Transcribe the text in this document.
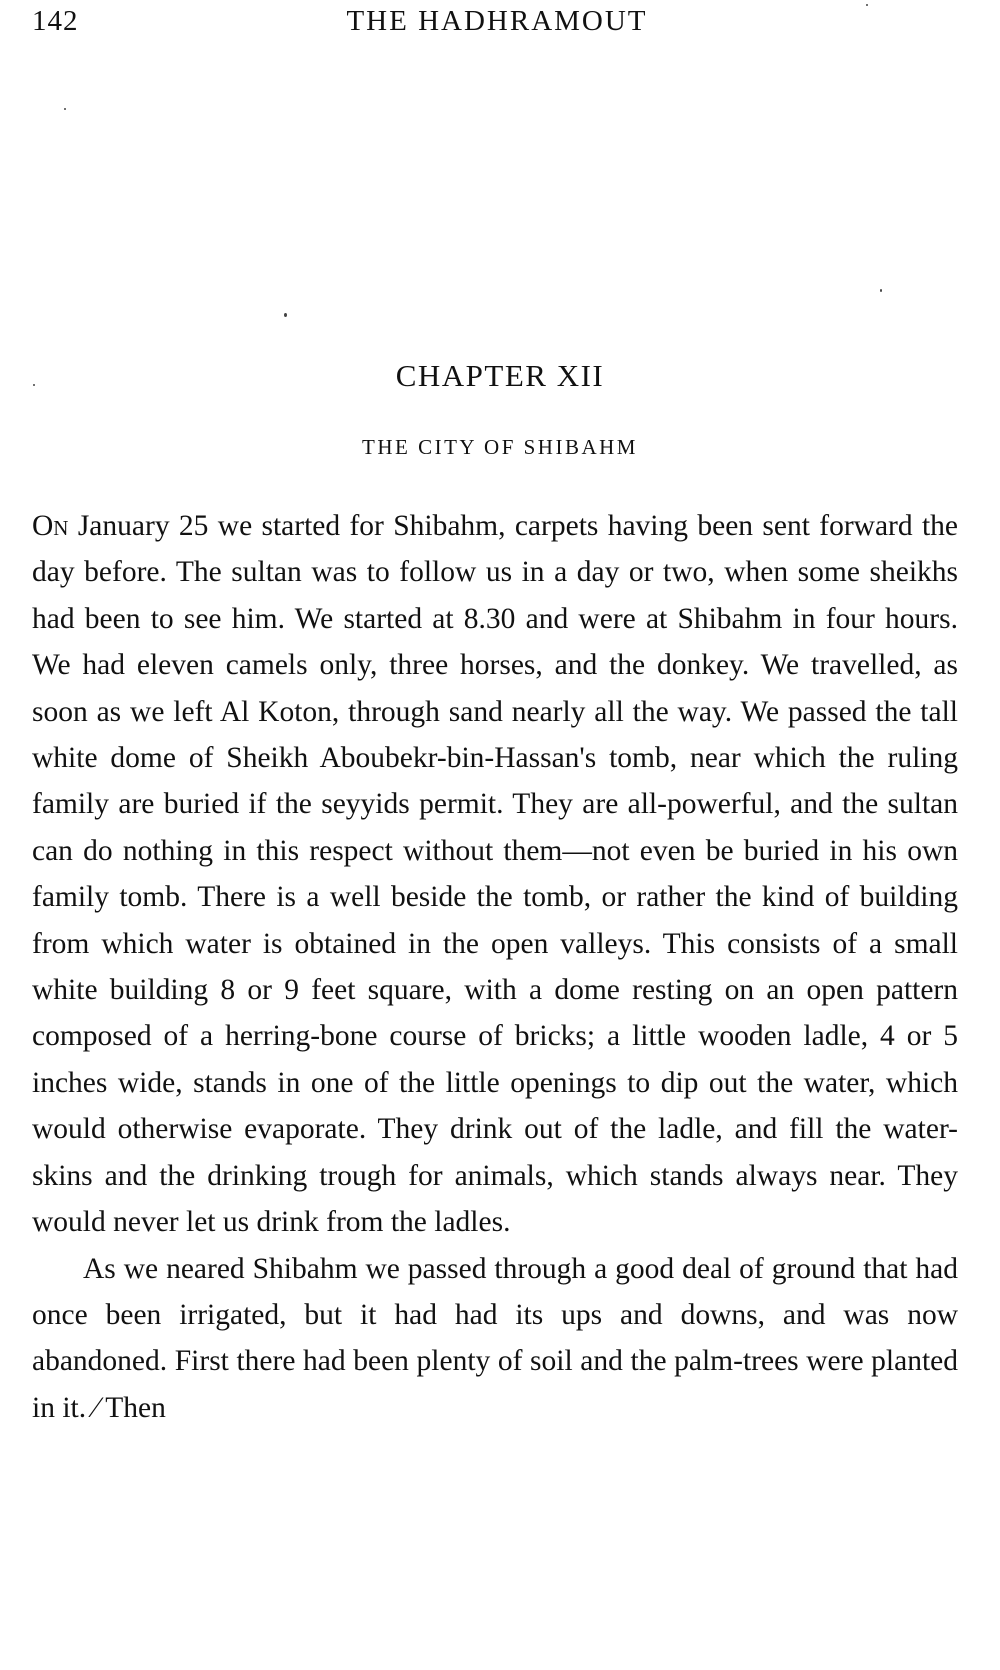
142	THE HADHRAMOUT
CHAPTER XII
THE CITY OF SHIBAHM

On January 25 we started for Shibahm, carpets having been sent forward the day before. The sultan was to follow us in a day or two, when some sheikhs had been to see him. We started at 8.30 and were at Shibahm in four hours. We had eleven camels only, three horses, and the donkey. We travelled, as soon as we left Al Koton, through sand nearly all the way. We passed the tall white dome of Sheikh Aboubekr-bin-Hassan's tomb, near which the ruling family are buried if the seyyids permit. They are all-powerful, and the sultan can do nothing in this respect without them—not even be buried in his own family tomb. There is a well beside the tomb, or rather the kind of building from which water is obtained in the open valleys. This consists of a small white building 8 or 9 feet square, with a dome resting on an open pattern composed of a herring-bone course of bricks; a little wooden ladle, 4 or 5 inches wide, stands in one of the little openings to dip out the water, which would otherwise evaporate. They drink out of the ladle, and fill the water-skins and the drinking trough for animals, which stands always near. They would never let us drink from the ladles.

As we neared Shibahm we passed through a good deal of ground that had once been irrigated, but it had had its ups and downs, and was now abandoned. First there had been plenty of soil and the palm-trees were planted in it. ⁄ Then
